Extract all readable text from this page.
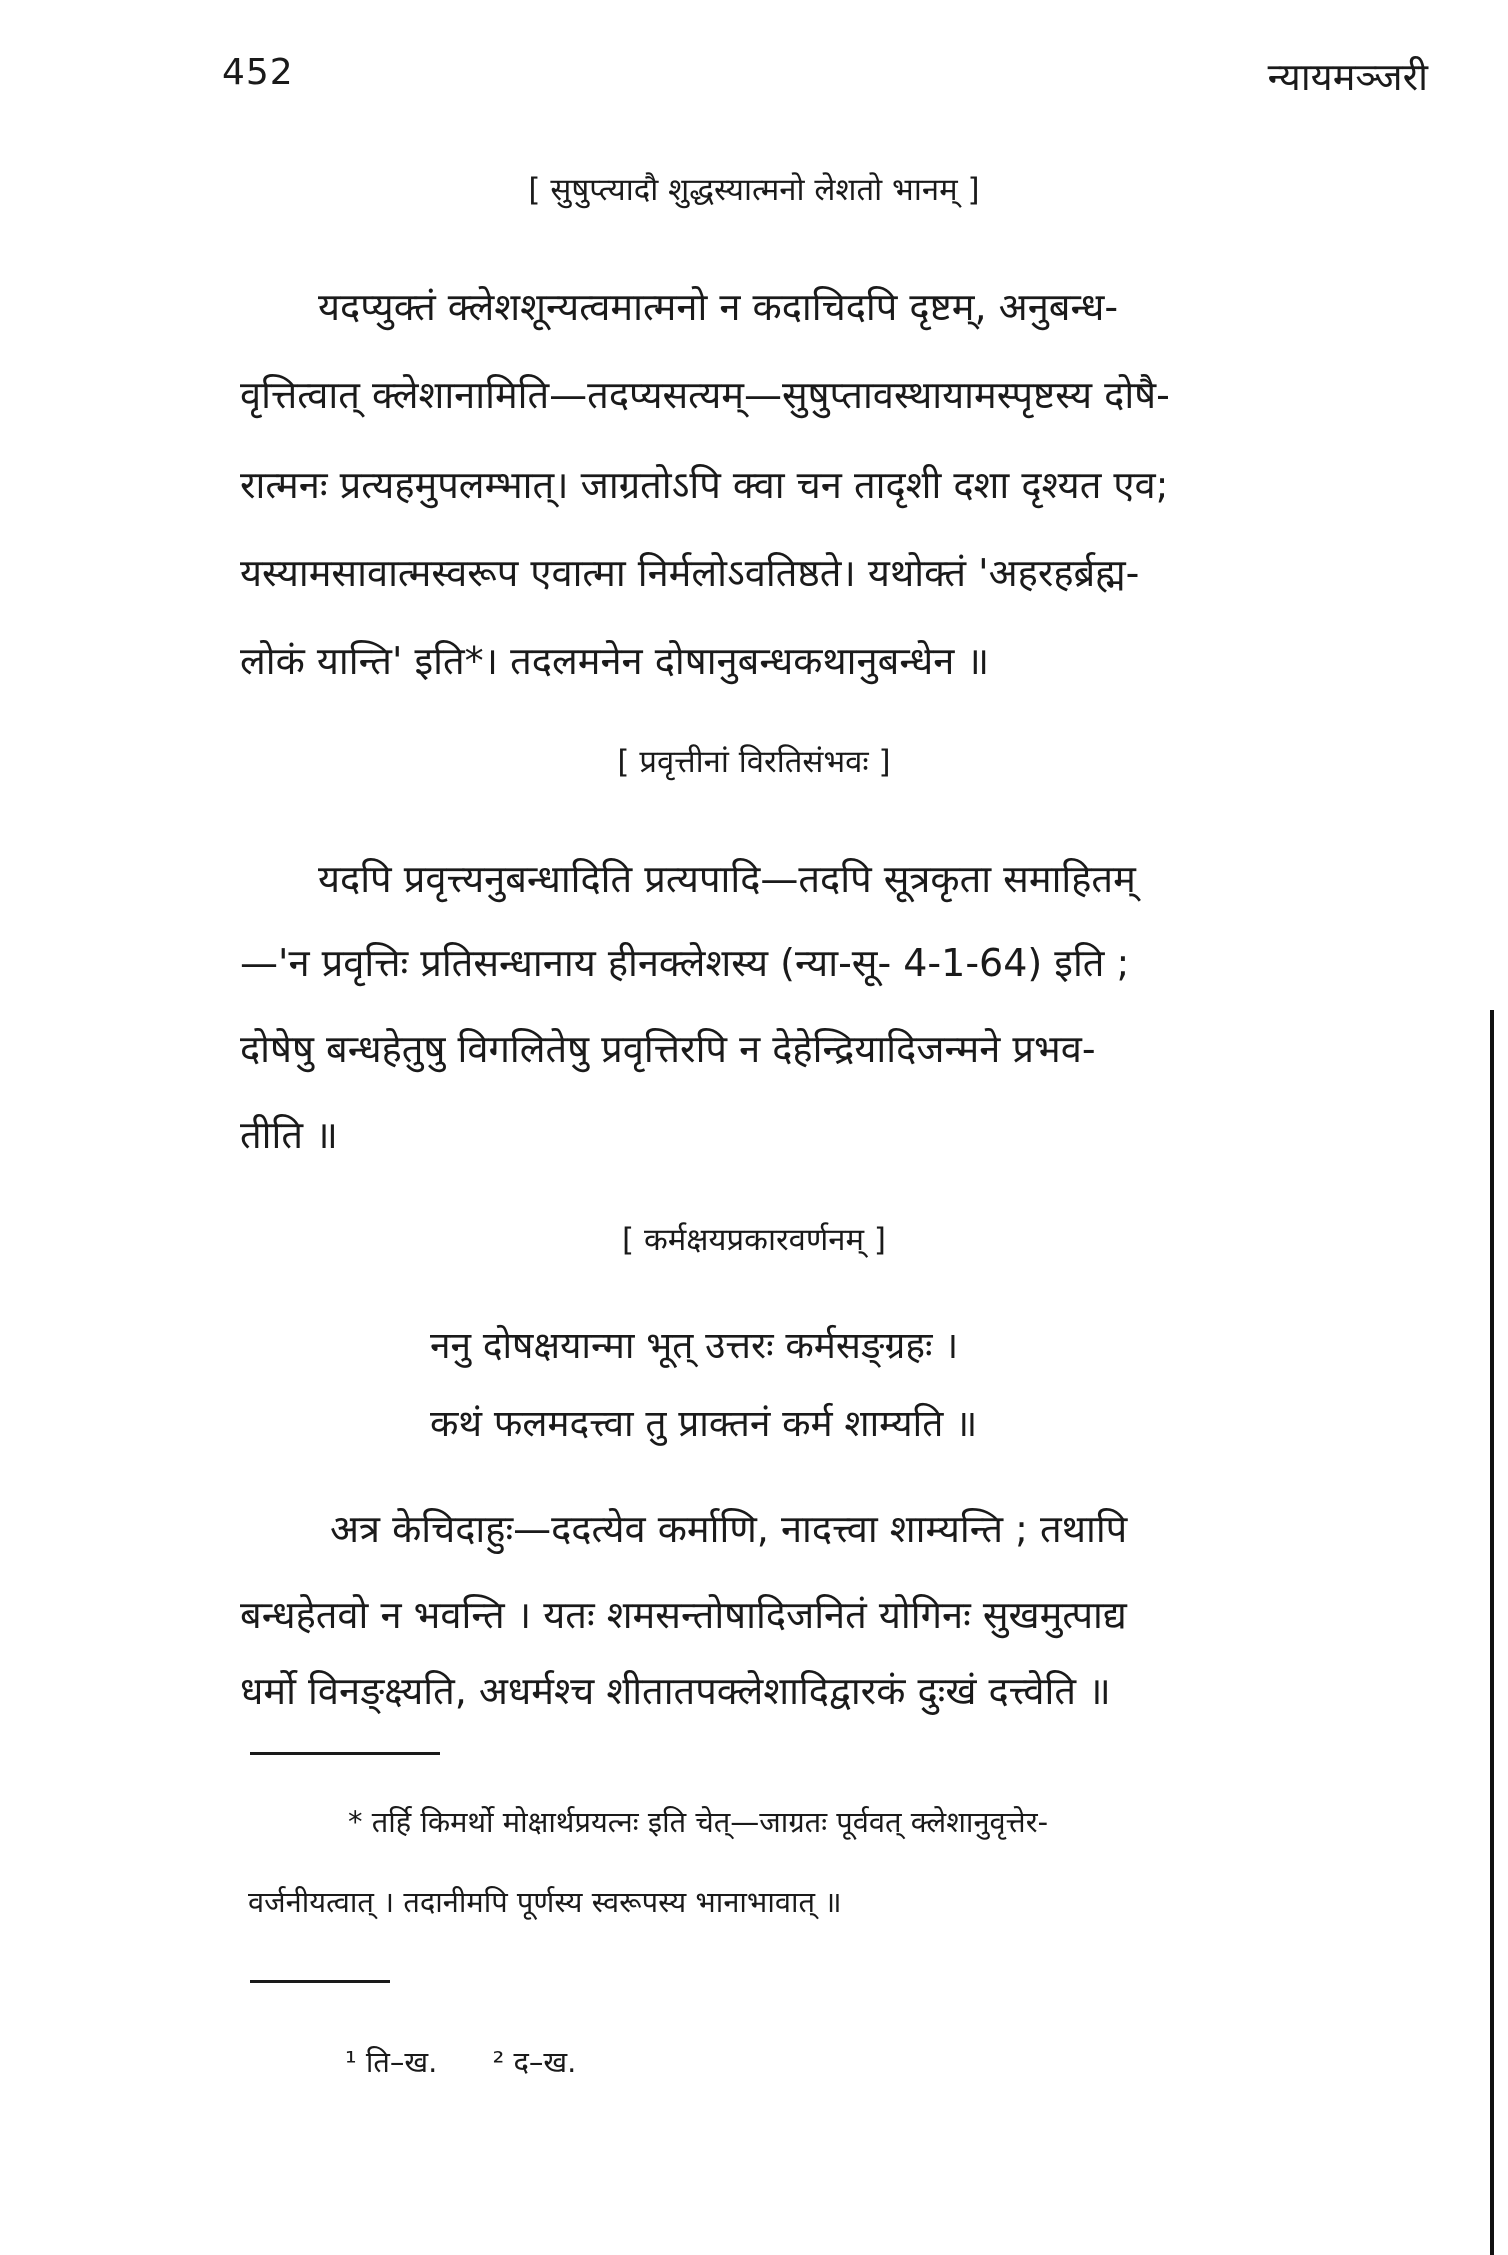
452	न्यायमञ्जरी
[ सुषुप्त्यादौ शुद्धस्यात्मनो लेशतो भानम् ]
यदप्युक्तं क्लेशशून्यत्वमात्मनो न कदाचिदपि दृष्टम्, अनुबन्ध-
वृत्तित्वात् क्लेशानामिति—तदप्यसत्यम्—सुषुप्तावस्थायामस्पृष्टस्य दोषै-
रात्मनः प्रत्यहमुपलम्भात्। जाग्रतोऽपि क्वा चन तादृशी दशा दृश्यत एव;
यस्यामसावात्मस्वरूप एवात्मा निर्मलोऽवतिष्ठते। यथोक्तं 'अहरहर्ब्रह्म-
लोकं यान्ति' इति*। तदलमनेन दोषानुबन्धकथानुबन्धेन ॥
[ प्रवृत्तीनां विरतिसंभवः ]
यदपि प्रवृत्त्यनुबन्धादिति प्रत्यपादि—तदपि सूत्रकृता समाहितम्
—'न प्रवृत्तिः प्रतिसन्धानाय हीनक्लेशस्य (न्या-सू- 4-1-64) इति ;
दोषेषु बन्धहेतुषु विगलितेषु प्रवृत्तिरपि न देहेन्द्रियादिजन्मने प्रभव-
तीति ॥
[ कर्मक्षयप्रकारवर्णनम् ]
ननु दोषक्षयान्मा भूत् उत्तरः कर्मसङ्ग्रहः ।
कथं फलमदत्त्वा तु प्राक्तनं कर्म शाम्यति ॥
अत्र केचिदाहुः—ददत्येव कर्माणि, नादत्त्वा शाम्यन्ति ; तथापि
बन्धहेतवो न भवन्ति । यतः शमसन्तोषादिजनितं योगिनः सुखमुत्पाद्य
धर्मो विनङ्क्ष्यति, अधर्मश्च शीतातपक्लेशादिद्वारकं दुःखं दत्त्वेति ॥
* तर्हि किमर्थो मोक्षार्थप्रयत्नः इति चेत्—जाग्रतः पूर्ववत् क्लेशानुवृत्तेर-
वर्जनीयत्वात् । तदानीमपि पूर्णस्य स्वरूपस्य भानाभावात् ॥
¹ ति–ख.      ² द–ख.
